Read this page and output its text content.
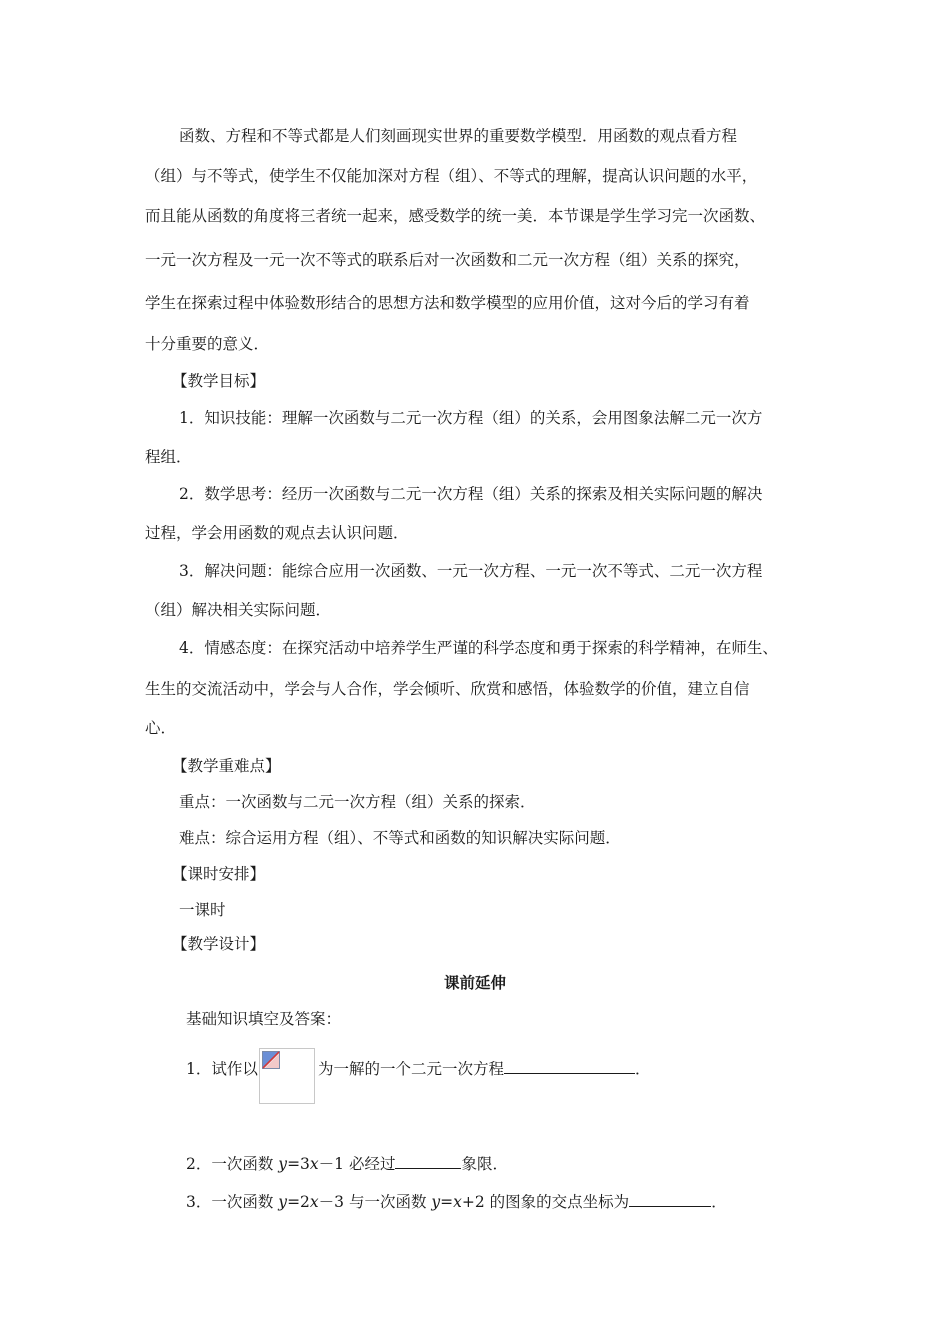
函数、方程和不等式都是人们刻画现实世界的重要数学模型．用函数的观点看方程
（组）与不等式，使学生不仅能加深对方程（组）、不等式的理解，提高认识问题的水平，
而且能从函数的角度将三者统一起来，感受数学的统一美．本节课是学生学习完一次函数、
一元一次方程及一元一次不等式的联系后对一次函数和二元一次方程（组）关系的探究，
学生在探索过程中体验数形结合的思想方法和数学模型的应用价值，这对今后的学习有着
十分重要的意义．
【教学目标】
1．知识技能：理解一次函数与二元一次方程（组）的关系，会用图象法解二元一次方
程组．
2．数学思考：经历一次函数与二元一次方程（组）关系的探索及相关实际问题的解决
过程，学会用函数的观点去认识问题．
3．解决问题：能综合应用一次函数、一元一次方程、一元一次不等式、二元一次方程
（组）解决相关实际问题．
4．情感态度：在探究活动中培养学生严谨的科学态度和勇于探索的科学精神，在师生、
生生的交流活动中，学会与人合作，学会倾听、欣赏和感悟，体验数学的价值，建立自信
心．
【教学重难点】
重点：一次函数与二元一次方程（组）关系的探索．
难点：综合运用方程（组）、不等式和函数的知识解决实际问题．
【课时安排】
一课时
【教学设计】
课前延伸
基础知识填空及答案：
1．试作以	为一解的一个二元一次方程	．
2．一次函数 y=3x－1 必经过	象限．
3．一次函数 y=2x－3 与一次函数 y=x+2 的图象的交点坐标为	．
